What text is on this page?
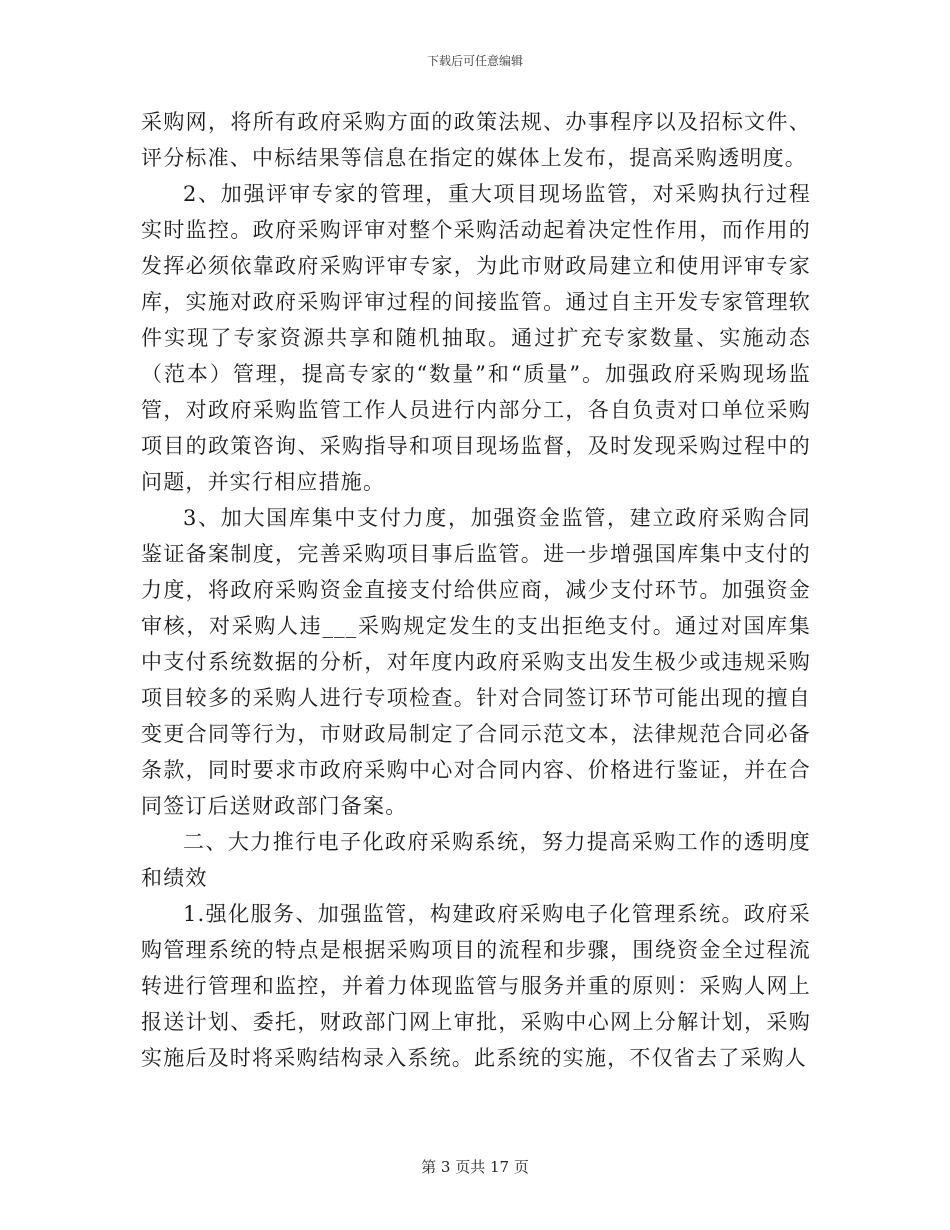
下载后可任意编辑

采购网，将所有政府采购方面的政策法规、办事程序以及招标文件、评分标准、中标结果等信息在指定的媒体上发布，提高采购透明度。

2、加强评审专家的管理，重大项目现场监管，对采购执行过程实时监控。政府采购评审对整个采购活动起着决定性作用，而作用的发挥必须依靠政府采购评审专家，为此市财政局建立和使用评审专家库，实施对政府采购评审过程的间接监管。通过自主开发专家管理软件实现了专家资源共享和随机抽取。通过扩充专家数量、实施动态（范本）管理，提高专家的“数量”和“质量”。加强政府采购现场监管，对政府采购监管工作人员进行内部分工，各自负责对口单位采购项目的政策咨询、采购指导和项目现场监督，及时发现采购过程中的问题，并实行相应措施。

3、加大国库集中支付力度，加强资金监管，建立政府采购合同鉴证备案制度，完善采购项目事后监管。进一步增强国库集中支付的力度，将政府采购资金直接支付给供应商，减少支付环节。加强资金审核，对采购人违___采购规定发生的支出拒绝支付。通过对国库集中支付系统数据的分析，对年度内政府采购支出发生极少或违规采购项目较多的采购人进行专项检查。针对合同签订环节可能出现的擅自变更合同等行为，市财政局制定了合同示范文本，法律规范合同必备条款，同时要求市政府采购中心对合同内容、价格进行鉴证，并在合同签订后送财政部门备案。

二、大力推行电子化政府采购系统，努力提高采购工作的透明度和绩效

1.强化服务、加强监管，构建政府采购电子化管理系统。政府采购管理系统的特点是根据采购项目的流程和步骤，围绕资金全过程流转进行管理和监控，并着力体现监管与服务并重的原则：采购人网上报送计划、委托，财政部门网上审批，采购中心网上分解计划，采购实施后及时将采购结构录入系统。此系统的实施，不仅省去了采购人

第 3 页共 17 页
